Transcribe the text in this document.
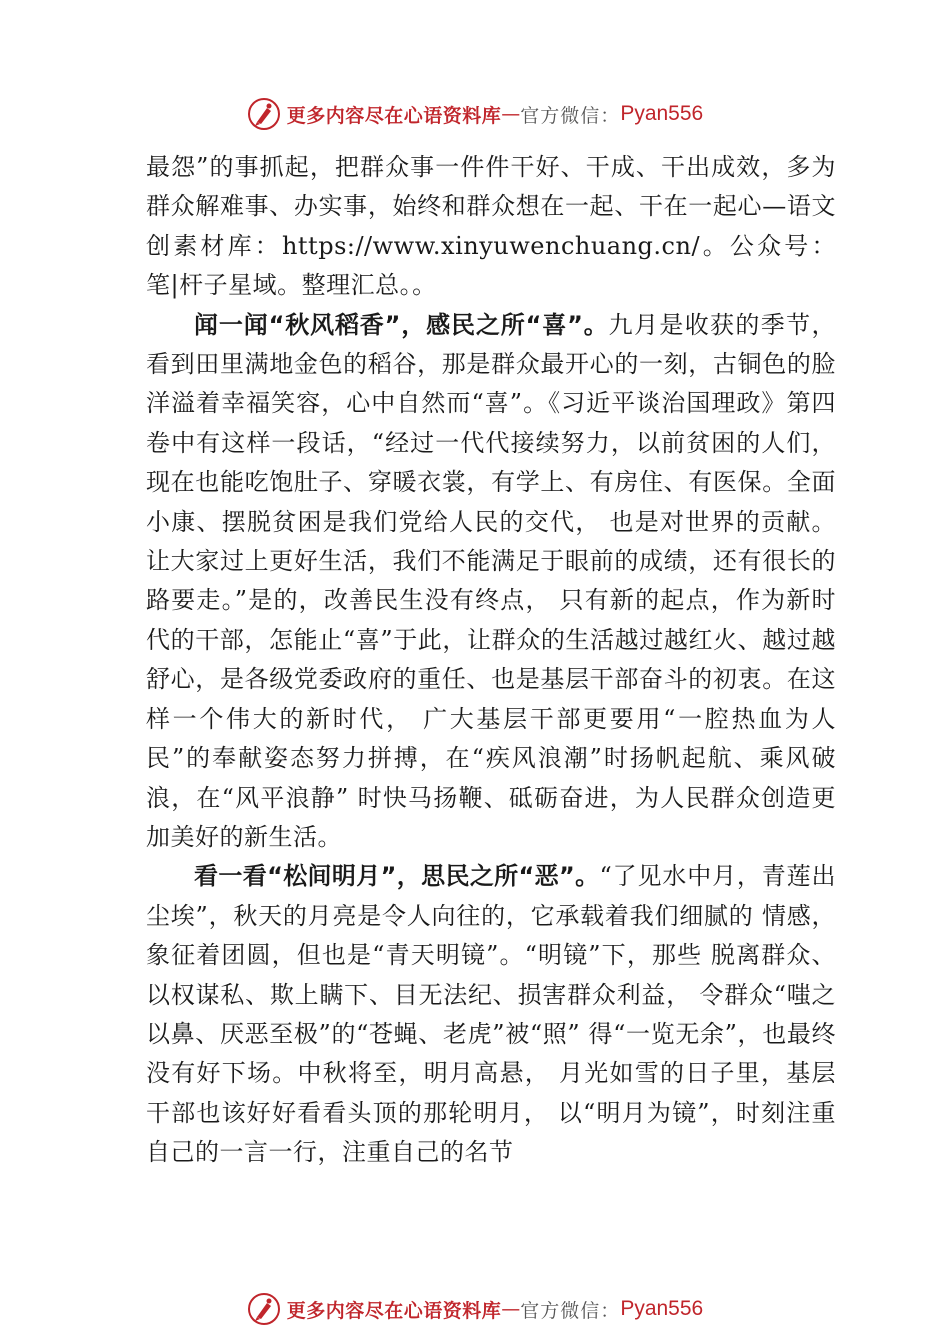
更多内容尽在心语资料库 — 官方微信： Pyan556

最怨”的事抓起，把群众事一件件干好、干成、干出成效，多为群众解难事、办实事，始终和群众想在一起、干在一起心—语文创素材库：https://www.xinyuwenchuang.cn/。公众号：笔|杆子星域。整理汇总。。

闻一闻“秋风稻香”，感民之所“喜”。九月是收获的季节，看到田里满地金色的稻谷，那是群众最开心的一刻，古铜色的脸洋溢着幸福笑容，心中自然而“喜”。《习近平谈治国理政》第四卷中有这样一段话，“经过一代代接续努力，以前贫困的人们，现在也能吃饱肚子、穿暖衣裳，有学上、有房住、有医保。全面小康、摆脱贫困是我们党给人民的交代， 也是对世界的贡献。让大家过上更好生活，我们不能满足于眼前的成绩，还有很长的路要走。”是的，改善民生没有终点， 只有新的起点，作为新时代的干部，怎能止“喜”于此，让群众的生活越过越红火、越过越舒心，是各级党委政府的重任、也是基层干部奋斗的初衷。在这样一个伟大的新时代， 广大基层干部更要用“一腔热血为人民”的奉献姿态努力拼搏，在“疾风浪潮”时扬帆起航、乘风破浪，在“风平浪静” 时快马扬鞭、砥砺奋进，为人民群众创造更加美好的新生活。

看一看“松间明月”，思民之所“恶”。“了见水中月，青莲出尘埃”，秋天的月亮是令人向往的，它承载着我们细腻的 情感，象征着团圆，但也是“青天明镜”。“明镜”下，那些 脱离群众、以权谋私、欺上瞒下、目无法纪、损害群众利益， 令群众“嗤之以鼻、厌恶至极”的“苍蝇、老虎”被“照” 得“一览无余”，也最终没有好下场。中秋将至，明月高悬， 月光如雪的日子里，基层干部也该好好看看头顶的那轮明月， 以“明月为镜”，时刻注重自己的一言一行，注重自己的名节

更多内容尽在心语资料库 — 官方微信： Pyan556
